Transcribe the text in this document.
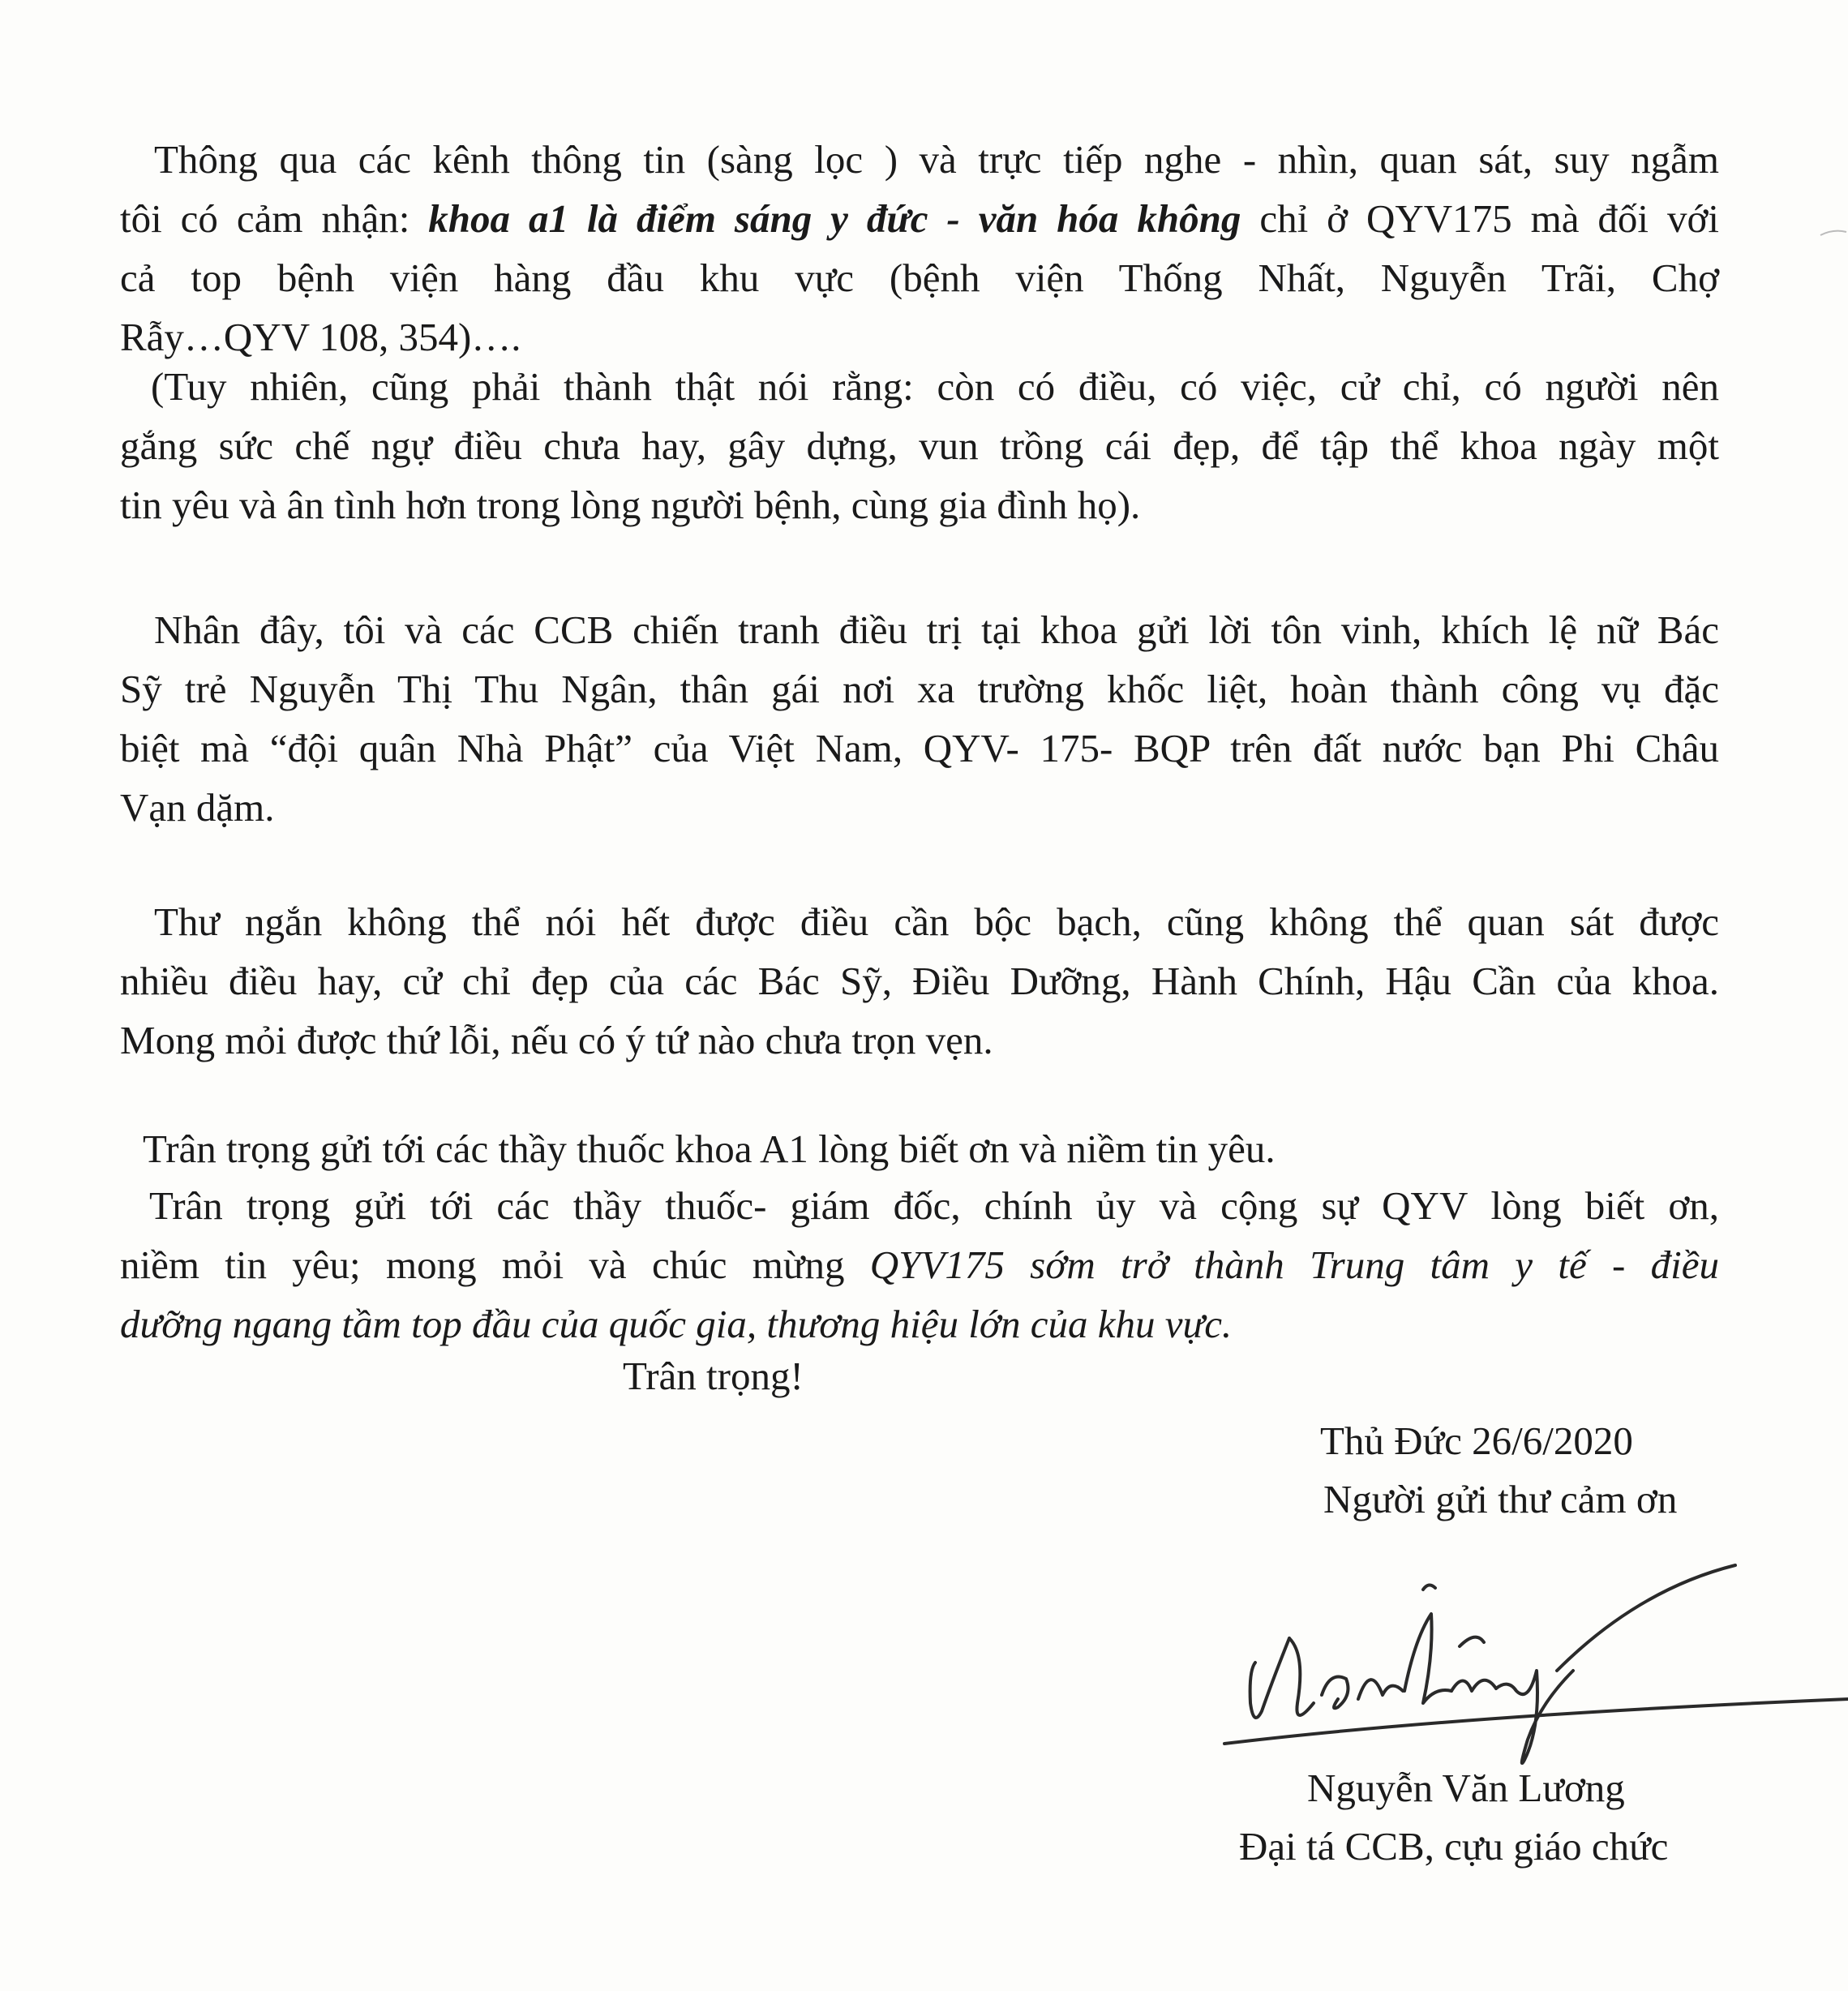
Thông qua các kênh thông tin (sàng lọc ) và trực tiếp nghe - nhìn, quan sát, suy ngẫm
tôi có cảm nhận: khoa a1 là điểm sáng y đức - văn hóa không chỉ ở QYV175 mà đối với
cả top bệnh viện hàng đầu khu vực (bệnh viện Thống Nhất, Nguyễn Trãi, Chợ
Rẫy…QYV 108, 354)….
(Tuy nhiên, cũng phải thành thật nói rằng: còn có điều, có việc, cử chỉ, có người nên
gắng sức chế ngự điều chưa hay, gây dựng, vun trồng cái đẹp, để tập thể khoa ngày một
tin yêu và ân tình hơn trong lòng người bệnh, cùng gia đình họ).
Nhân đây, tôi và các CCB chiến tranh điều trị tại khoa gửi lời tôn vinh, khích lệ nữ Bác
Sỹ trẻ Nguyễn Thị Thu Ngân, thân gái nơi xa trường khốc liệt, hoàn thành công vụ đặc
biệt mà “đội quân Nhà Phật” của Việt Nam, QYV- 175- BQP trên đất nước bạn Phi Châu
Vạn dặm.
Thư ngắn không thể nói hết được điều cần bộc bạch, cũng không thể quan sát được
nhiều điều hay, cử chỉ đẹp của các Bác Sỹ, Điều Dưỡng, Hành Chính, Hậu Cần của khoa.
Mong mỏi được thứ lỗi, nếu có ý tứ nào chưa trọn vẹn.
Trân trọng gửi tới các thầy thuốc khoa A1 lòng biết ơn và niềm tin yêu.
Trân trọng gửi tới các thầy thuốc- giám đốc, chính ủy và cộng sự QYV lòng biết ơn,
niềm tin yêu; mong mỏi và chúc mừng QYV175 sớm trở thành Trung tâm y tế - điều
dưỡng ngang tầm top đầu của quốc gia, thương hiệu lớn của khu vực.
Trân trọng!
Thủ Đức 26/6/2020
Người gửi thư cảm ơn
Nguyễn Văn Lương
Đại tá CCB, cựu giáo chức
